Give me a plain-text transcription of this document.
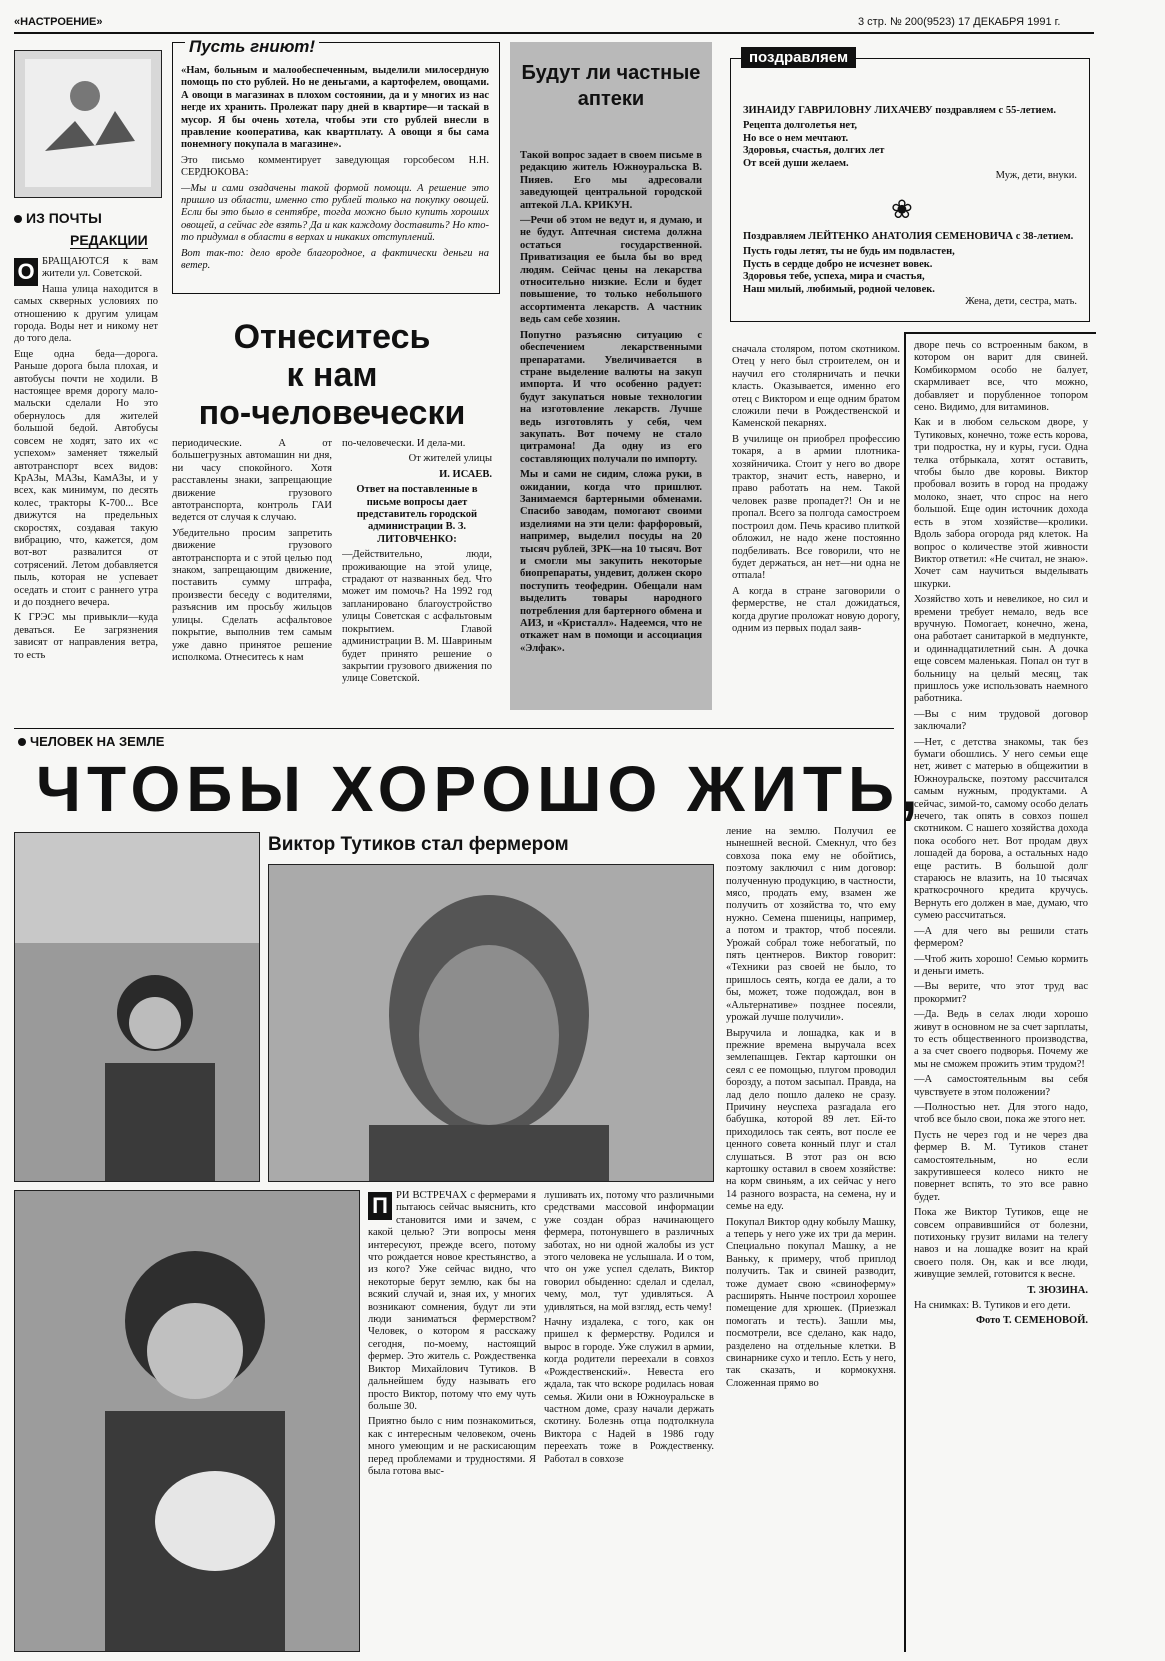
«НАСТРОЕНИЕ»	3 стр. № 200(9523) 17 ДЕКАБРЯ 1991 г.
ИЗ ПОЧТЫ
РЕДАКЦИИ

О БРАЩАЮТСЯ к вам жители ул. Советской.

Наша улица находится в самых скверных условиях по отношению к другим улицам города. Воды нет и никому нет до того дела.

Еще одна беда—дорога. Раньше дорога была плохая, и автобусы почти не ходили. В настоящее время дорогу мало-мальски сделали Но это обернулось для жителей большой бедой. Автобусы совсем не ходят, зато их «с успехом» заменяет тяжелый автотранспорт всех видов: КрАЗы, МАЗы, КамАЗы, и у всех, как минимум, по десять колес, тракторы К-700... Все движутся на предельных скоростях, создавая такую вибрацию, что, кажется, дом вот-вот развалится от сотрясений. Летом добавляется пыль, которая не успевает оседать и стоит с раннего утра и до позднего вечера.

К ГРЭС мы привыкли—куда деваться. Ее загрязнения зависят от направления ветра, то есть

Отнеситесь
к нам
по-человечески

периодические. А от большегрузных автомашин ни дня, ни часу спокойного. Хотя расставлены знаки, запрещающие движение грузового автотранспорта, контроль ГАИ ведется от случая к случаю.

Убедительно просим запретить движение грузового автотранспорта и с этой целью под знаком, запрещающим движение, поставить сумму штрафа, произвести беседу с водителями, разъяснив им просьбу жильцов улицы. Сделать асфальтовое покрытие, выполнив тем самым уже давно принятое решение исполкома. Отнеситесь к нам

по-человечески. И дела-ми.

От жителей улицы

И. ИСАЕВ.

Ответ на поставленные в письме вопросы дает представитель городской администрации В. З. ЛИТОВЧЕНКО:

—Действительно, люди, проживающие на этой улице, страдают от названных бед. Что может им помочь? На 1992 год запланировано благоустройство улицы Советская с асфальтовым покрытием. Главой администрации В. М. Шавриным будет принято решение о закрытии грузового движения по улице Советской.

Пусть гниют!

«Нам, больным и малообеспеченным, выделили милосердную помощь по сто рублей. Но не деньгами, а картофелем, овощами. А овощи в магазинах в плохом состоянии, да и у многих из нас негде их хранить. Пролежат пару дней в квартире—и таскай в мусор. Я бы очень хотела, чтобы эти сто рублей внесли в правление кооператива, как квартплату. А овощи я бы сама понемногу покупала в магазине».

Это письмо комментирует заведующая горсобесом Н.Н. СЕРДЮКОВА:

—Мы и сами озадачены такой формой помощи. А решение это пришло из области, именно сто рублей только на покупку овощей. Если бы это было в сентябре, тогда можно было купить хороших овощей, а сейчас где взять? Да и как каждому доставить? Но кто-то придумал в области в верхах и никаких отступлений.

Вот так-то: дело вроде благородное, а фактически деньги на ветер.

Будут ли частные аптеки

Такой вопрос задает в своем письме в редакцию житель Южноуральска В. Пияев. Его мы адресовали заведующей центральной городской аптекой Л.А. КРИКУН.

—Речи об этом не ведут и, я думаю, и не будут. Аптечная система должна остаться государственной. Приватизация ее была бы во вред людям. Сейчас цены на лекарства относительно низкие. Если и будет повышение, то только небольшого ассортимента лекарств. А частник ведь сам себе хозяин.

Попутно разъясню ситуацию с обеспечением лекарственными препаратами. Увеличивается в стране выделение валюты на закуп импорта. И что особенно радует: будут закупаться новые технологии на изготовление лекарств. Лучше ведь изготовлять у себя, чем закупать. Вот почему не стало цитрамона! Да одну из его составляющих получали по импорту.

Мы и сами не сидим, сложа руки, в ожидании, когда что пришлют. Занимаемся бартерными обменами. Спасибо заводам, помогают своими изделиями на эти цели: фарфоровый, например, выделил посуды на 20 тысяч рублей, ЗРК—на 10 тысяч. Вот и смогли мы закупить некоторые биопрепараты, ундевит, должен скоро поступить теофедрин. Обещали нам выделить товары народного потребления для бартерного обмена и АИЗ, и «Кристалл». Надеемся, что не откажет нам в помощи и ассоциация «Элфак».

поздравляем

ЗИНАИДУ ГАВРИЛОВНУ ЛИХАЧЕВУ поздравляем с 55-летием.

Рецепта долголетья нет,
Но все о нем мечтают.
Здоровья, счастья, долгих лет
От всей души желаем.
Муж, дети, внуки.
❀

Поздравляем ЛЕЙТЕНКО АНАТОЛИЯ СЕМЕНОВИЧА с 38-летием.

Пусть годы летят, ты не будь им подвластен,
Пусть в сердце добро не исчезнет вовек.
Здоровья тебе, успеха, мира и счастья,
Наш милый, любимый, родной человек.
Жена, дети, сестра, мать.
ЧЕЛОВЕК НА ЗЕМЛЕ
ЧТОБЫ ХОРОШО ЖИТЬ,
Виктор Тутиков стал фермером

П РИ ВСТРЕЧАХ с фермерами я пытаюсь сейчас выяснить, кто становится ими и зачем, с какой целью? Эти вопросы меня интересуют, прежде всего, потому что рождается новое крестьянство, а из кого? Уже сейчас видно, что некоторые берут землю, как бы на всякий случай и, зная их, у многих возникают сомнения, будут ли эти люди заниматься фермерством? Человек, о котором я расскажу сегодня, по-моему, настоящий фермер. Это житель с. Рождественка Виктор Михайлович Тутиков. В дальнейшем буду называть его просто Виктор, потому что ему чуть больше 30.

Приятно было с ним познакомиться, как с интересным человеком, очень много умеющим и не раскисающим перед проблемами и трудностями. Я была готова выс-

лушивать их, потому что различными средствами массовой информации уже создан образ начинающего фермера, потонувшего в различных заботах, но ни одной жалобы из уст этого человека не услышала. И о том, что он уже успел сделать, Виктор говорил обыденно: сделал и сделал, чему, мол, тут удивляться. А удивляться, на мой взгляд, есть чему!

Начну издалека, с того, как он пришел к фермерству. Родился и вырос в городе. Уже служил в армии, когда родители переехали в совхоз «Рождественский». Невеста его ждала, так что вскоре родилась новая семья. Жили они в Южноуральске в частном доме, сразу начали держать скотину. Болезнь отца подтолкнула Виктора с Надей в 1986 году переехать тоже в Рождественку. Работал в совхозе

сначала столяром, потом скотником. Отец у него был строителем, он и научил его столярничать и печки класть. Оказывается, именно его отец с Виктором и еще одним братом сложили печи в Рождественской и Каменской пекарнях.

В училище он приобрел профессию токаря, а в армии плотника-хозяйничика. Стоит у него во дворе трактор, значит есть, наверно, и право работать на нем. Такой человек разве пропадет?! Он и не пропал. Всего за полгода самостроем построил дом. Печь красиво плиткой обложил, не надо жене постоянно подбеливать. Все говорили, что не будет держаться, ан нет—ни одна не отпала!

А когда в стране заговорили о фермерстве, не стал дожидаться, когда другие проложат новую дорогу, одним из первых подал заяв-

ление на землю. Получил ее нынешней весной. Смекнул, что без совхоза пока ему не обойтись, поэтому заключил с ним договор: полученную продукцию, в частности, мясо, продать ему, взамен же получить от хозяйства то, что ему нужно. Семена пшеницы, например, а потом и трактор, чтоб посеяли. Урожай собрал тоже небогатый, по пять центнеров. Виктор говорит: «Техники раз своей не было, то пришлось сеять, когда ее дали, а то бы, может, тоже подождал, вон в «Альтернативе» позднее посеяли, урожай лучше получили».

Выручила и лошадка, как и в прежние времена выручала всех землепашцев. Гектар картошки он сеял с ее помощью, плугом проводил борозду, а потом засыпал. Правда, на лад дело пошло далеко не сразу. Причину неуспеха разгадала его бабушка, которой 89 лет. Ей-то приходилось так сеять, вот после ее ценного совета конный плуг и стал слушаться. В этот раз он всю картошку оставил в своем хозяйстве: на корм свиньям, а их сейчас у него 14 разного возраста, на семена, ну и семье на еду.

Покупал Виктор одну кобылу Машку, а теперь у него уже их три да мерин. Специально покупал Машку, а не Ваньку, к примеру, чтоб приплод получить. Так и свиней разводит, тоже думает свою «свиноферму» расширять. Нынче построил хорошее помещение для хрюшек. (Приезжал помогать и тесть). Зашли мы, посмотрели, все сделано, как надо, разделено на отдельные клетки. В свинарнике сухо и тепло. Есть у него, так сказать, и кормокухня. Сложенная прямо во

дворе печь со встроенным баком, в котором он варит для свиней. Комбикормом особо не балует, скармливает все, что можно, добавляет и порубленное топором сено. Видимо, для витаминов.

Как и в любом сельском дворе, у Тутиковых, конечно, тоже есть корова, три подростка, ну и куры, гуси. Одна телка отбрыкала, хотят оставить, чтобы было две коровы. Виктор пробовал возить в город на продажу молоко, знает, что спрос на него большой. Еще один источник дохода есть в этом хозяйстве—кролики. Вдоль забора огорода ряд клеток. На вопрос о количестве этой живности Виктор ответил: «Не считал, не знаю». Хочет сам научиться выделывать шкурки.

Хозяйство хоть и невеликое, но сил и времени требует немало, ведь все вручную. Помогает, конечно, жена, она работает санитаркой в медпункте, и одиннадцатилетний сын. А дочка еще совсем маленькая. Попал он тут в больницу на целый месяц, так пришлось уже использовать наемного работника.

—Вы с ним трудовой договор заключали?

—Нет, с детства знакомы, так без бумаги обошлись. У него семьи еще нет, живет с матерью в общежитии в Южноуральске, поэтому рассчитался самым нужным, продуктами. А сейчас, зимой-то, самому особо делать нечего, так опять в совхоз пошел скотником. С нашего хозяйства дохода пока особого нет. Вот продам двух лошадей да борова, а остальных надо еще растить. В большой долг стараюсь не влазить, на 10 тысячах краткосрочного кредита кручусь. Вернуть его должен в мае, думаю, что сумею рассчитаться.

—А для чего вы решили стать фермером?

—Чтоб жить хорошо! Семью кормить и деньги иметь.

—Вы верите, что этот труд вас прокормит?

—Да. Ведь в селах люди хорошо живут в основном не за счет зарплаты, то есть общественного производства, а за счет своего подворья. Почему же мы не сможем прожить этим трудом?!

—А самостоятельным вы себя чувствуете в этом положении?

—Полностью нет. Для этого надо, чтоб все было свои, пока же этого нет.

Пусть не через год и не через два фермер В. М. Тутиков станет самостоятельным, но если закрутившееся колесо никто не повернет вспять, то это все равно будет.

Пока же Виктор Тутиков, еще не совсем оправившийся от болезни, потихоньку грузит вилами на телегу навоз и на лошадке возит на край своего поля. Он, как и все люди, живущие землей, готовится к весне.

Т. ЗЮЗИНА.

На снимках: В. Тутиков и его дети.

Фото Т. СЕМЕНОВОЙ.
